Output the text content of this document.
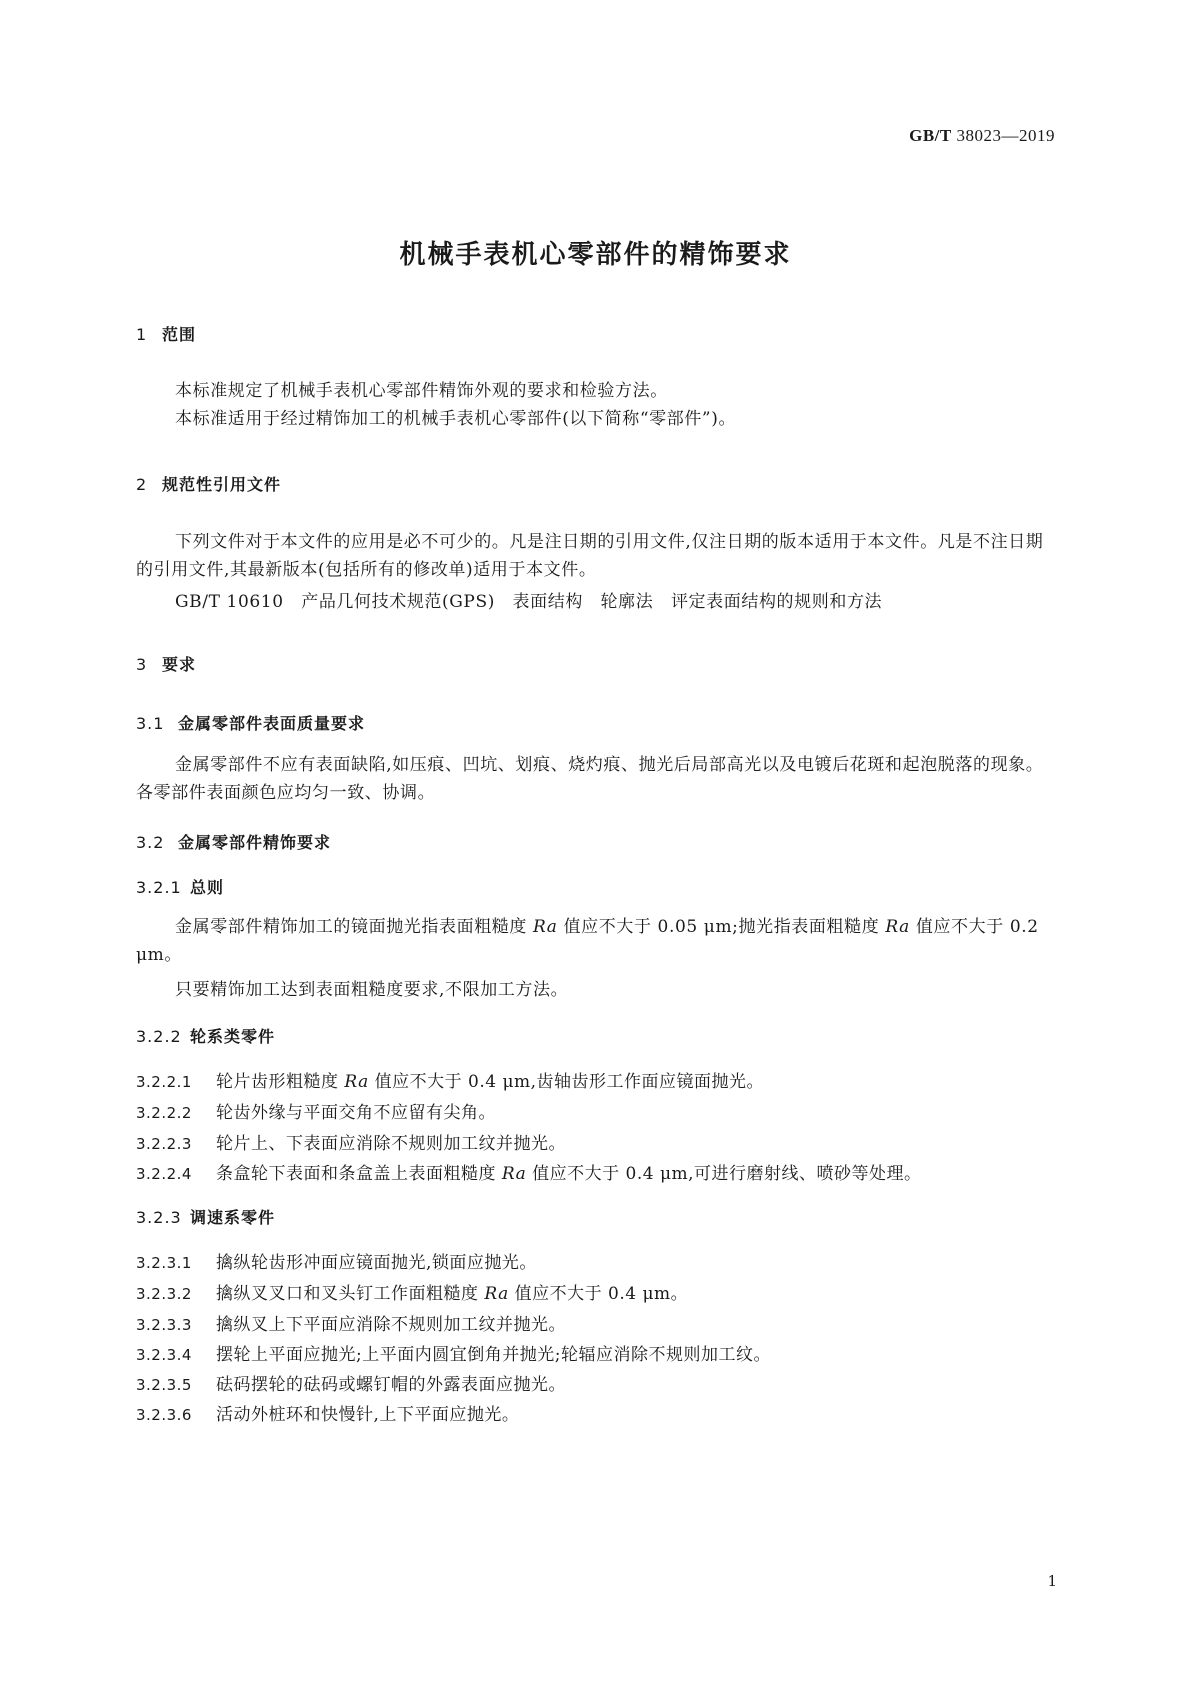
GB/T 38023—2019
机械手表机心零部件的精饰要求
1 范围
本标准规定了机械手表机心零部件精饰外观的要求和检验方法。
本标准适用于经过精饰加工的机械手表机心零部件(以下简称“零部件”)。
2 规范性引用文件
下列文件对于本文件的应用是必不可少的。凡是注日期的引用文件,仅注日期的版本适用于本文件。凡是不注日期的引用文件,其最新版本(包括所有的修改单)适用于本文件。
GB/T 10610　产品几何技术规范(GPS)　表面结构　轮廓法　评定表面结构的规则和方法
3 要求
3.1 金属零部件表面质量要求
金属零部件不应有表面缺陷,如压痕、凹坑、划痕、烧灼痕、抛光后局部高光以及电镀后花斑和起泡脱落的现象。各零部件表面颜色应均匀一致、协调。
3.2 金属零部件精饰要求
3.2.1 总则
金属零部件精饰加工的镜面抛光指表面粗糙度 Ra 值应不大于 0.05 μm;抛光指表面粗糙度 Ra 值应不大于 0.2 μm。
只要精饰加工达到表面粗糙度要求,不限加工方法。
3.2.2 轮系类零件
3.2.2.1 轮片齿形粗糙度 Ra 值应不大于 0.4 μm,齿轴齿形工作面应镜面抛光。
3.2.2.2 轮齿外缘与平面交角不应留有尖角。
3.2.2.3 轮片上、下表面应消除不规则加工纹并抛光。
3.2.2.4 条盒轮下表面和条盒盖上表面粗糙度 Ra 值应不大于 0.4 μm,可进行磨射线、喷砂等处理。
3.2.3 调速系零件
3.2.3.1 擒纵轮齿形冲面应镜面抛光,锁面应抛光。
3.2.3.2 擒纵叉叉口和叉头钉工作面粗糙度 Ra 值应不大于 0.4 μm。
3.2.3.3 擒纵叉上下平面应消除不规则加工纹并抛光。
3.2.3.4 摆轮上平面应抛光;上平面内圆宜倒角并抛光;轮辐应消除不规则加工纹。
3.2.3.5 砝码摆轮的砝码或螺钉帽的外露表面应抛光。
3.2.3.6 活动外桩环和快慢针,上下平面应抛光。
1
